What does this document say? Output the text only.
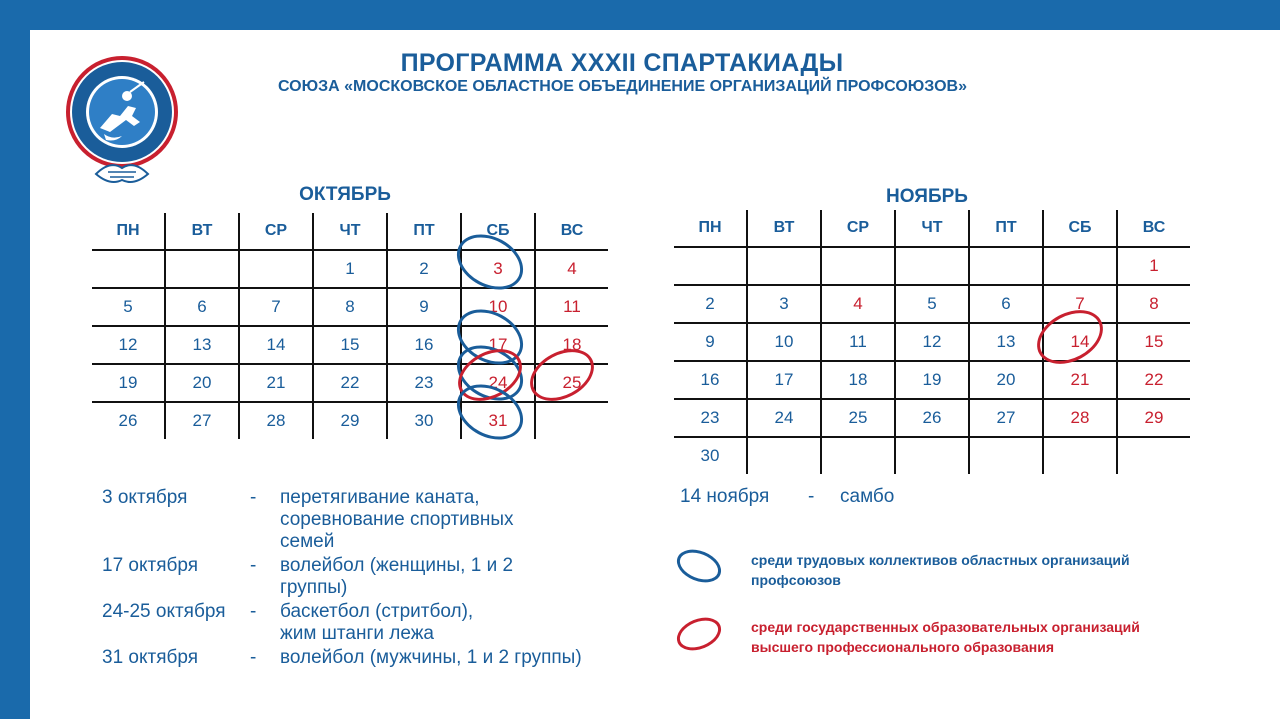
ПРОГРАММА XXXII СПАРТАКИАДЫ
СОЮЗА «МОСКОВСКОЕ ОБЛАСТНОЕ ОБЪЕДИНЕНИЕ ОРГАНИЗАЦИЙ ПРОФСОЮЗОВ»
ОКТЯБРЬ
ПН	ВТ	СР	ЧТ	ПТ	СБ	ВС
			1	2	3	4
5	6	7	8	9	10	11
12	13	14	15	16	17	18
19	20	21	22	23	24	25
26	27	28	29	30	31	
НОЯБРЬ
ПН	ВТ	СР	ЧТ	ПТ	СБ	ВС
						1
2	3	4	5	6	7	8
9	10	11	12	13	14	15
16	17	18	19	20	21	22
23	24	25	26	27	28	29
30						
3 октября	-	перетягивание каната,
соревнование спортивных
семей
17 октября	-	волейбол (женщины, 1 и 2
группы)
24-25 октября	-	баскетбол (стритбол),
жим штанги лежа
31 октября	-	волейбол (мужчины, 1 и 2 группы)
14 ноября	-	самбо
среди трудовых коллективов областных организаций
профсоюзов
среди государственных образовательных организаций
высшего профессионального образования
